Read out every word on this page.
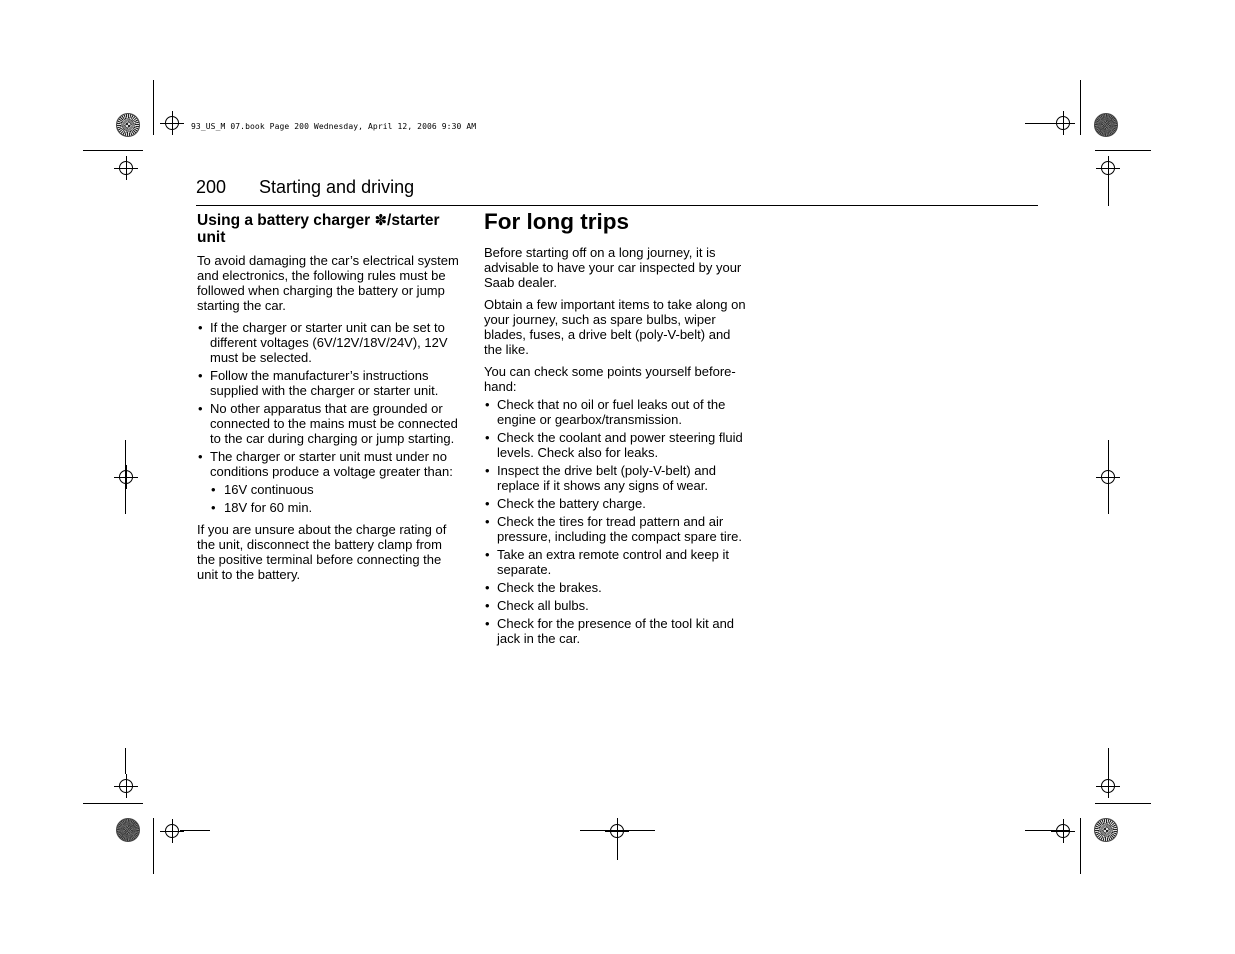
93_US_M 07.book Page 200 Wednesday, April 12, 2006 9:30 AM
200 Starting and driving
Using a battery charger ✽/starter unit

To avoid damaging the car’s electrical system and electronics, the following rules must be followed when charging the battery or jump starting the car.

• If the charger or starter unit can be set to different voltages (6V/12V/18V/24V), 12V must be selected.
• Follow the manufacturer’s instructions supplied with the charger or starter unit.
• No other apparatus that are grounded or connected to the mains must be connected to the car during charging or jump starting.
• The charger or starter unit must under no conditions produce a voltage greater than:
• 16V continuous
• 18V for 60 min.

If you are unsure about the charge rating of the unit, disconnect the battery clamp from the positive terminal before connecting the unit to the battery.

For long trips

Before starting off on a long journey, it is advisable to have your car inspected by your Saab dealer.

Obtain a few important items to take along on your journey, such as spare bulbs, wiper blades, fuses, a drive belt (poly-V-belt) and the like.

You can check some points yourself before-hand:

• Check that no oil or fuel leaks out of the engine or gearbox/transmission.
• Check the coolant and power steering fluid levels. Check also for leaks.
• Inspect the drive belt (poly-V-belt) and replace if it shows any signs of wear.
• Check the battery charge.
• Check the tires for tread pattern and air pressure, including the compact spare tire.
• Take an extra remote control and keep it separate.
• Check the brakes.
• Check all bulbs.
• Check for the presence of the tool kit and jack in the car.
